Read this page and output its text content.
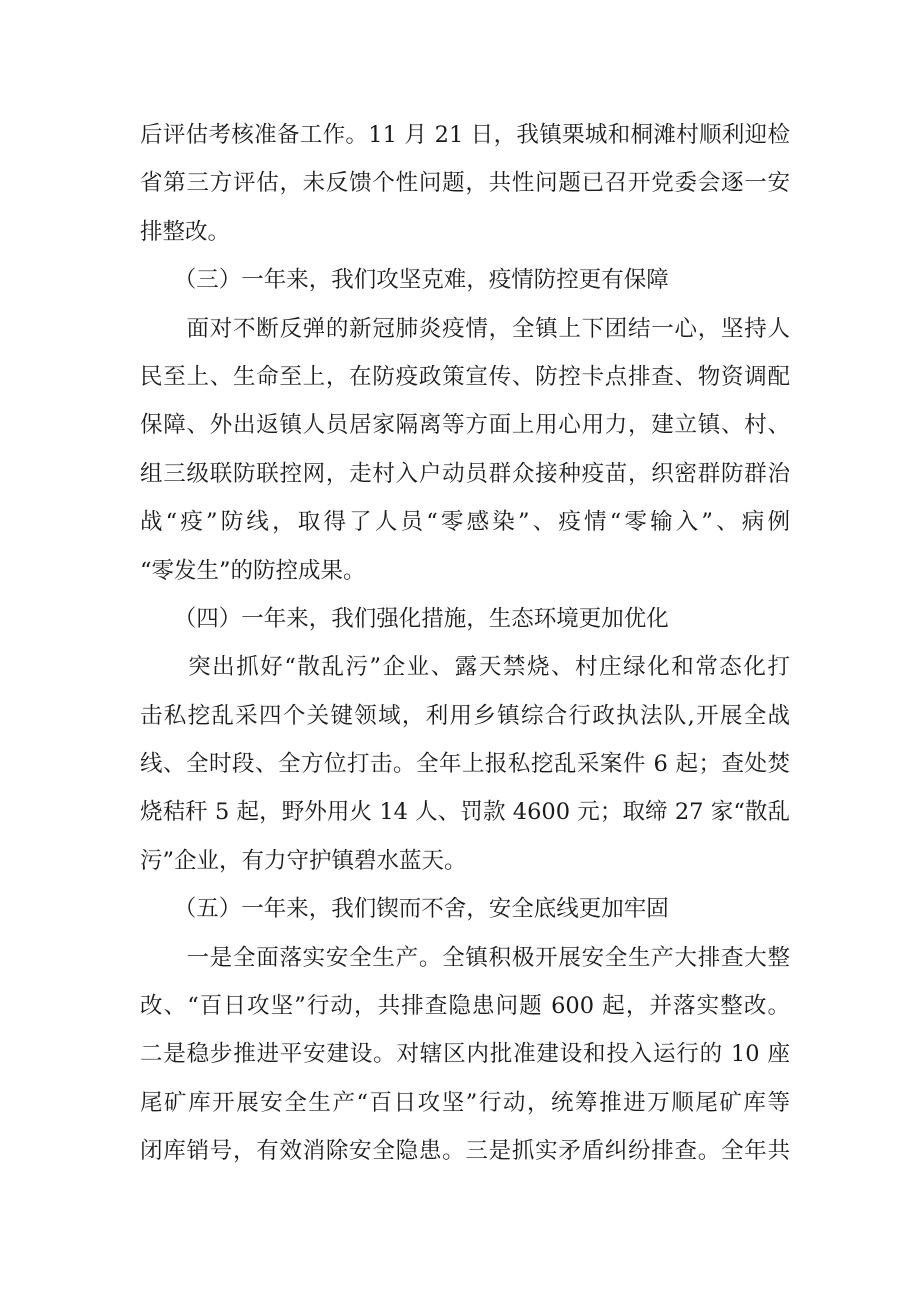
后评估考核准备工作。11 月 21 日，我镇栗城和桐滩村顺利迎检
省第三方评估，未反馈个性问题，共性问题已召开党委会逐一安
排整改。
　　（三）一年来，我们攻坚克难，疫情防控更有保障
　　面对不断反弹的新冠肺炎疫情，全镇上下团结一心，坚持人
民至上、生命至上，在防疫政策宣传、防控卡点排查、物资调配
保障、外出返镇人员居家隔离等方面上用心用力，建立镇、村、
组三级联防联控网，走村入户动员群众接种疫苗，织密群防群治
战“疫”防线，取得了人员“零感染”、疫情“零输入”、病例
“零发生”的防控成果。
　　（四）一年来，我们强化措施，生态环境更加优化
　　突出抓好“散乱污”企业、露天禁烧、村庄绿化和常态化打
击私挖乱采四个关键领域，利用乡镇综合行政执法队,开展全战
线、全时段、全方位打击。全年上报私挖乱采案件 6 起；查处焚
烧秸秆 5 起，野外用火 14 人、罚款 4600 元；取缔 27 家“散乱
污”企业，有力守护镇碧水蓝天。
　　（五）一年来，我们锲而不舍，安全底线更加牢固
　　一是全面落实安全生产。全镇积极开展安全生产大排查大整
改、“百日攻坚”行动，共排查隐患问题 600 起，并落实整改。
二是稳步推进平安建设。对辖区内批准建设和投入运行的 10 座
尾矿库开展安全生产“百日攻坚”行动，统筹推进万顺尾矿库等
闭库销号，有效消除安全隐患。三是抓实矛盾纠纷排查。全年共
